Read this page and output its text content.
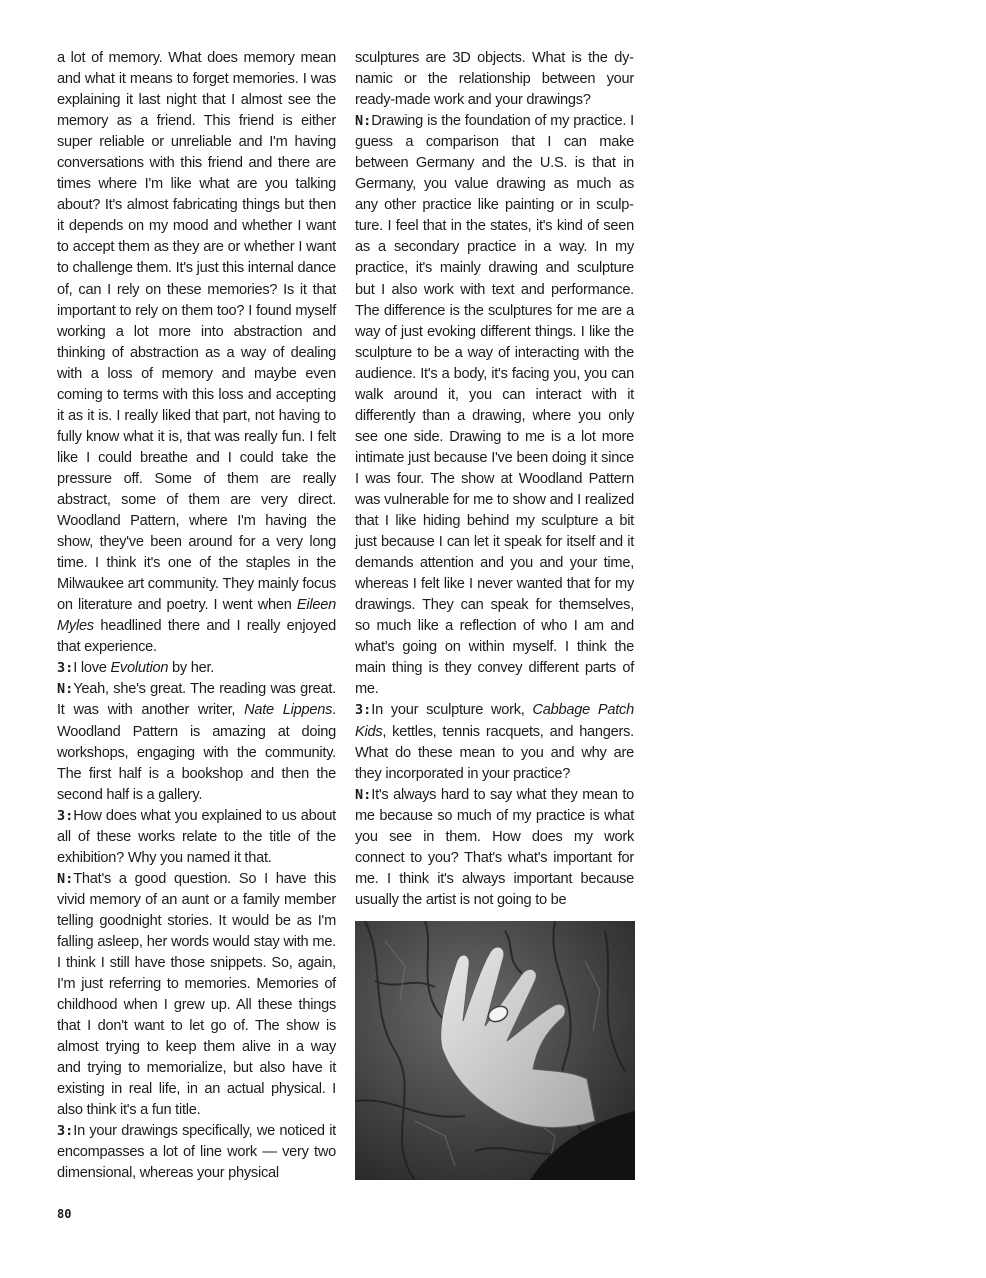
a lot of memory. What does memory mean and what it means to forget memories. I was explaining it last night that I almost see the memory as a friend. This friend is either super reliable or unreliable and I'm having conversations with this friend and there are times where I'm like what are you talking about? It's almost fabricating things but then it depends on my mood and whether I want to accept them as they are or whether I want to challenge them. It's just this internal dance of, can I rely on these memories? Is it that important to rely on them too? I found myself working a lot more into abstraction and thinking of abstraction as a way of dealing with a loss of memory and maybe even coming to terms with this loss and accepting it as it is. I really liked that part, not having to fully know what it is, that was really fun. I felt like I could breathe and I could take the pressure off. Some of them are really abstract, some of them are very direct. Woodland Pattern, where I'm having the show, they've been around for a very long time. I think it's one of the staples in the Milwaukee art community. They mainly focus on literature and poetry. I went when Eileen Myles headlined there and I really enjoyed that experience.

3:I love Evolution by her.

N:Yeah, she's great. The reading was great. It was with another writer, Nate Lippens. Woodland Pattern is amazing at doing workshops, engaging with the community. The first half is a bookshop and then the second half is a gallery.

3:How does what you explained to us about all of these works relate to the title of the exhibition? Why you named it that.

N:That's a good question. So I have this vivid memory of an aunt or a family member telling goodnight stories. It would be as I'm falling asleep, her words would stay with me. I think I still have those snippets. So, again, I'm just referring to memories. Memories of childhood when I grew up. All these things that I don't want to let go of. The show is almost trying to keep them alive in a way and trying to memorialize, but also have it existing in real life, in an actual physical. I also think it's a fun title.

3:In your drawings specifically, we noticed it encompasses a lot of line work — very two dimensional, whereas your physical

sculptures are 3D objects. What is the dynamic or the relationship between your ready-made work and your drawings?

N:Drawing is the foundation of my practice. I guess a comparison that I can make between Germany and the U.S. is that in Germany, you value drawing as much as any other practice like painting or in sculpture. I feel that in the states, it's kind of seen as a secondary practice in a way. In my practice, it's mainly drawing and sculpture but I also work with text and performance. The difference is the sculptures for me are a way of just evoking different things. I like the sculpture to be a way of interacting with the audience. It's a body, it's facing you, you can walk around it, you can interact with it differently than a drawing, where you only see one side. Drawing to me is a lot more intimate just because I've been doing it since I was four. The show at Woodland Pattern was vulnerable for me to show and I realized that I like hiding behind my sculpture a bit just because I can let it speak for itself and it demands attention and you and your time, whereas I felt like I never wanted that for my drawings. They can speak for themselves, so much like a reflection of who I am and what's going on within myself. I think the main thing is they convey different parts of me.

3:In your sculpture work, Cabbage Patch Kids, kettles, tennis racquets, and hangers. What do these mean to you and why are they incorporated in your practice?

N:It's always hard to say what they mean to me because so much of my practice is what you see in them. How does my work connect to you? That's what's important for me. I think it's always important because usually the artist is not going to be

80
